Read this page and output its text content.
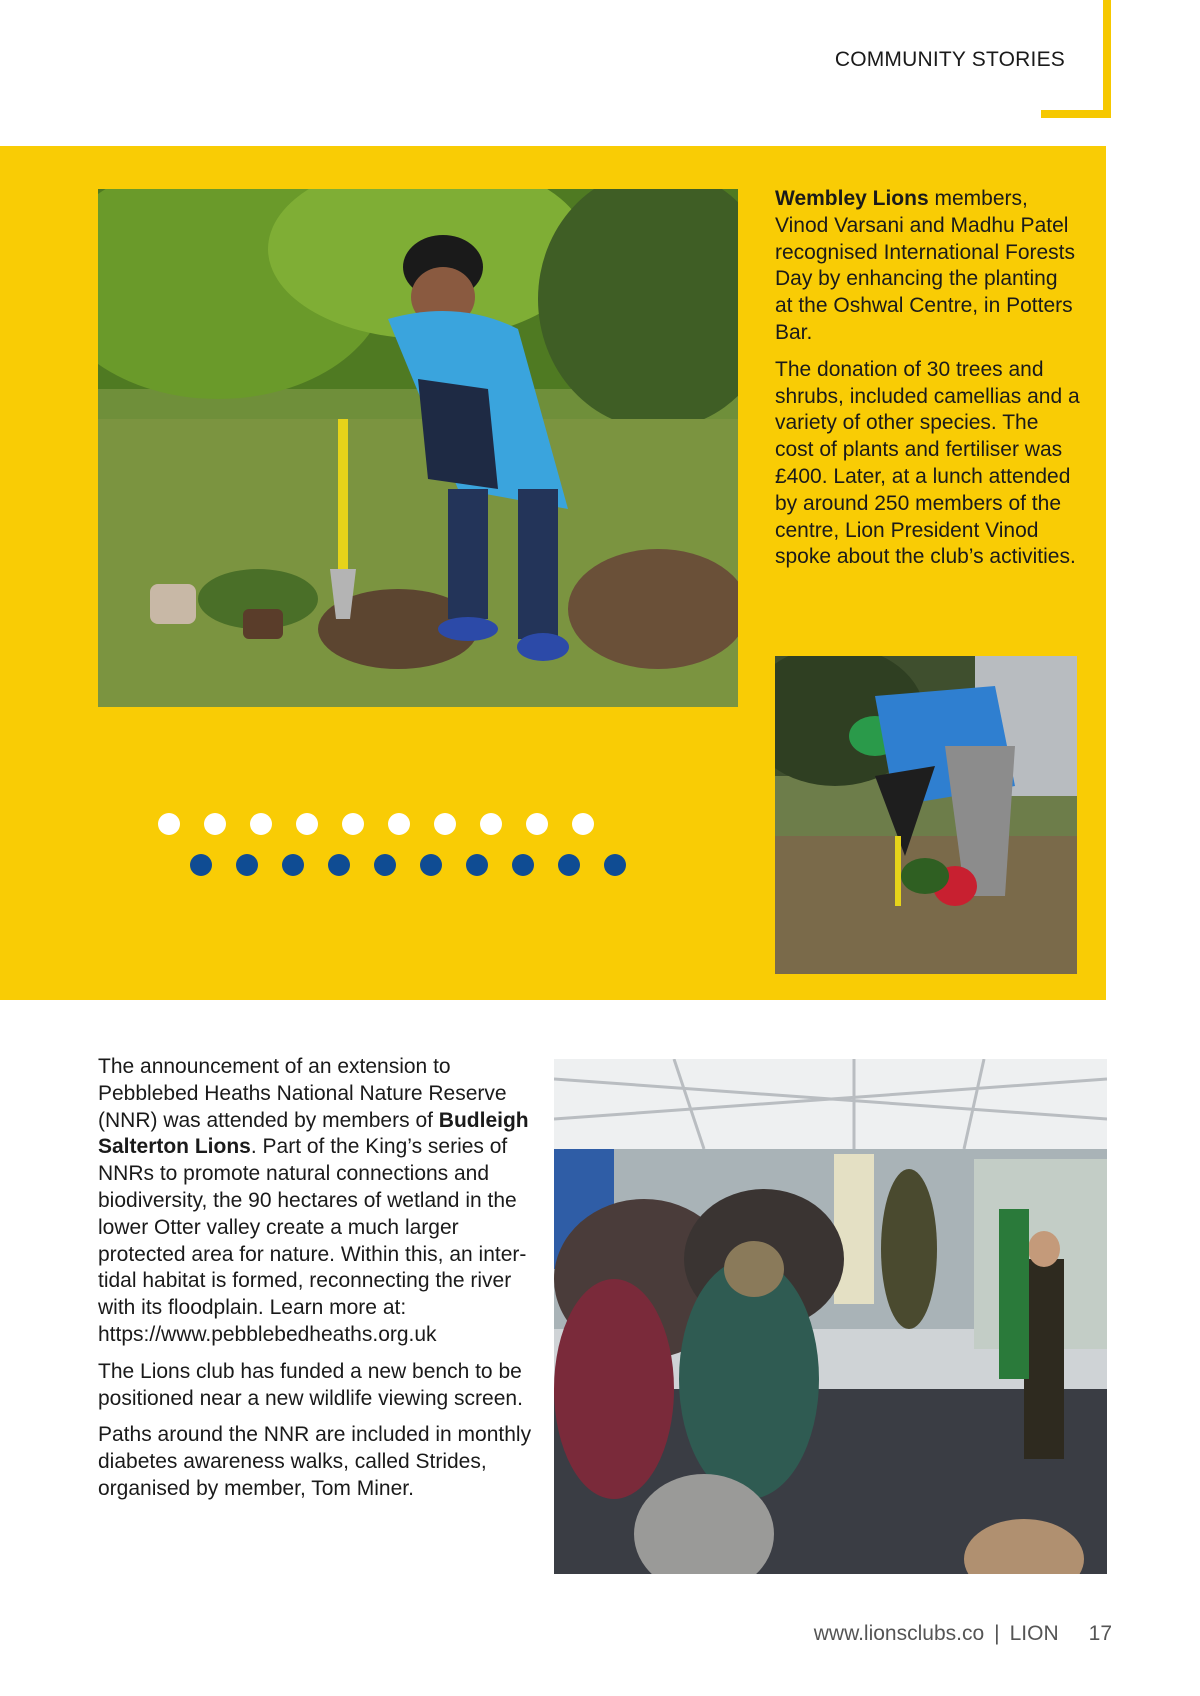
COMMUNITY STORIES

Wembley Lions members, Vinod Varsani and Madhu Patel recognised International Forests Day by enhancing the planting at the Oshwal Centre, in Potters Bar.

The donation of 30 trees and shrubs, included camellias and a variety of other species. The cost of plants and fertiliser was £400. Later, at a lunch attended by around 250 members of the centre, Lion President Vinod spoke about the club’s activities.

The announcement of an extension to Pebblebed Heaths National Nature Reserve (NNR) was attended by members of Budleigh Salterton Lions. Part of the King’s series of NNRs to promote natural connections and biodiversity, the 90 hectares of wetland in the lower Otter valley create a much larger protected area for nature. Within this, an inter-tidal habitat is formed, reconnecting the river with its floodplain. Learn more at: https://www.pebblebedheaths.org.uk

The Lions club has funded a new bench to be positioned near a new wildlife viewing screen.

Paths around the NNR are included in monthly diabetes awareness walks, called Strides, organised by member, Tom Miner.

www.lionsclubs.co | LION 17
